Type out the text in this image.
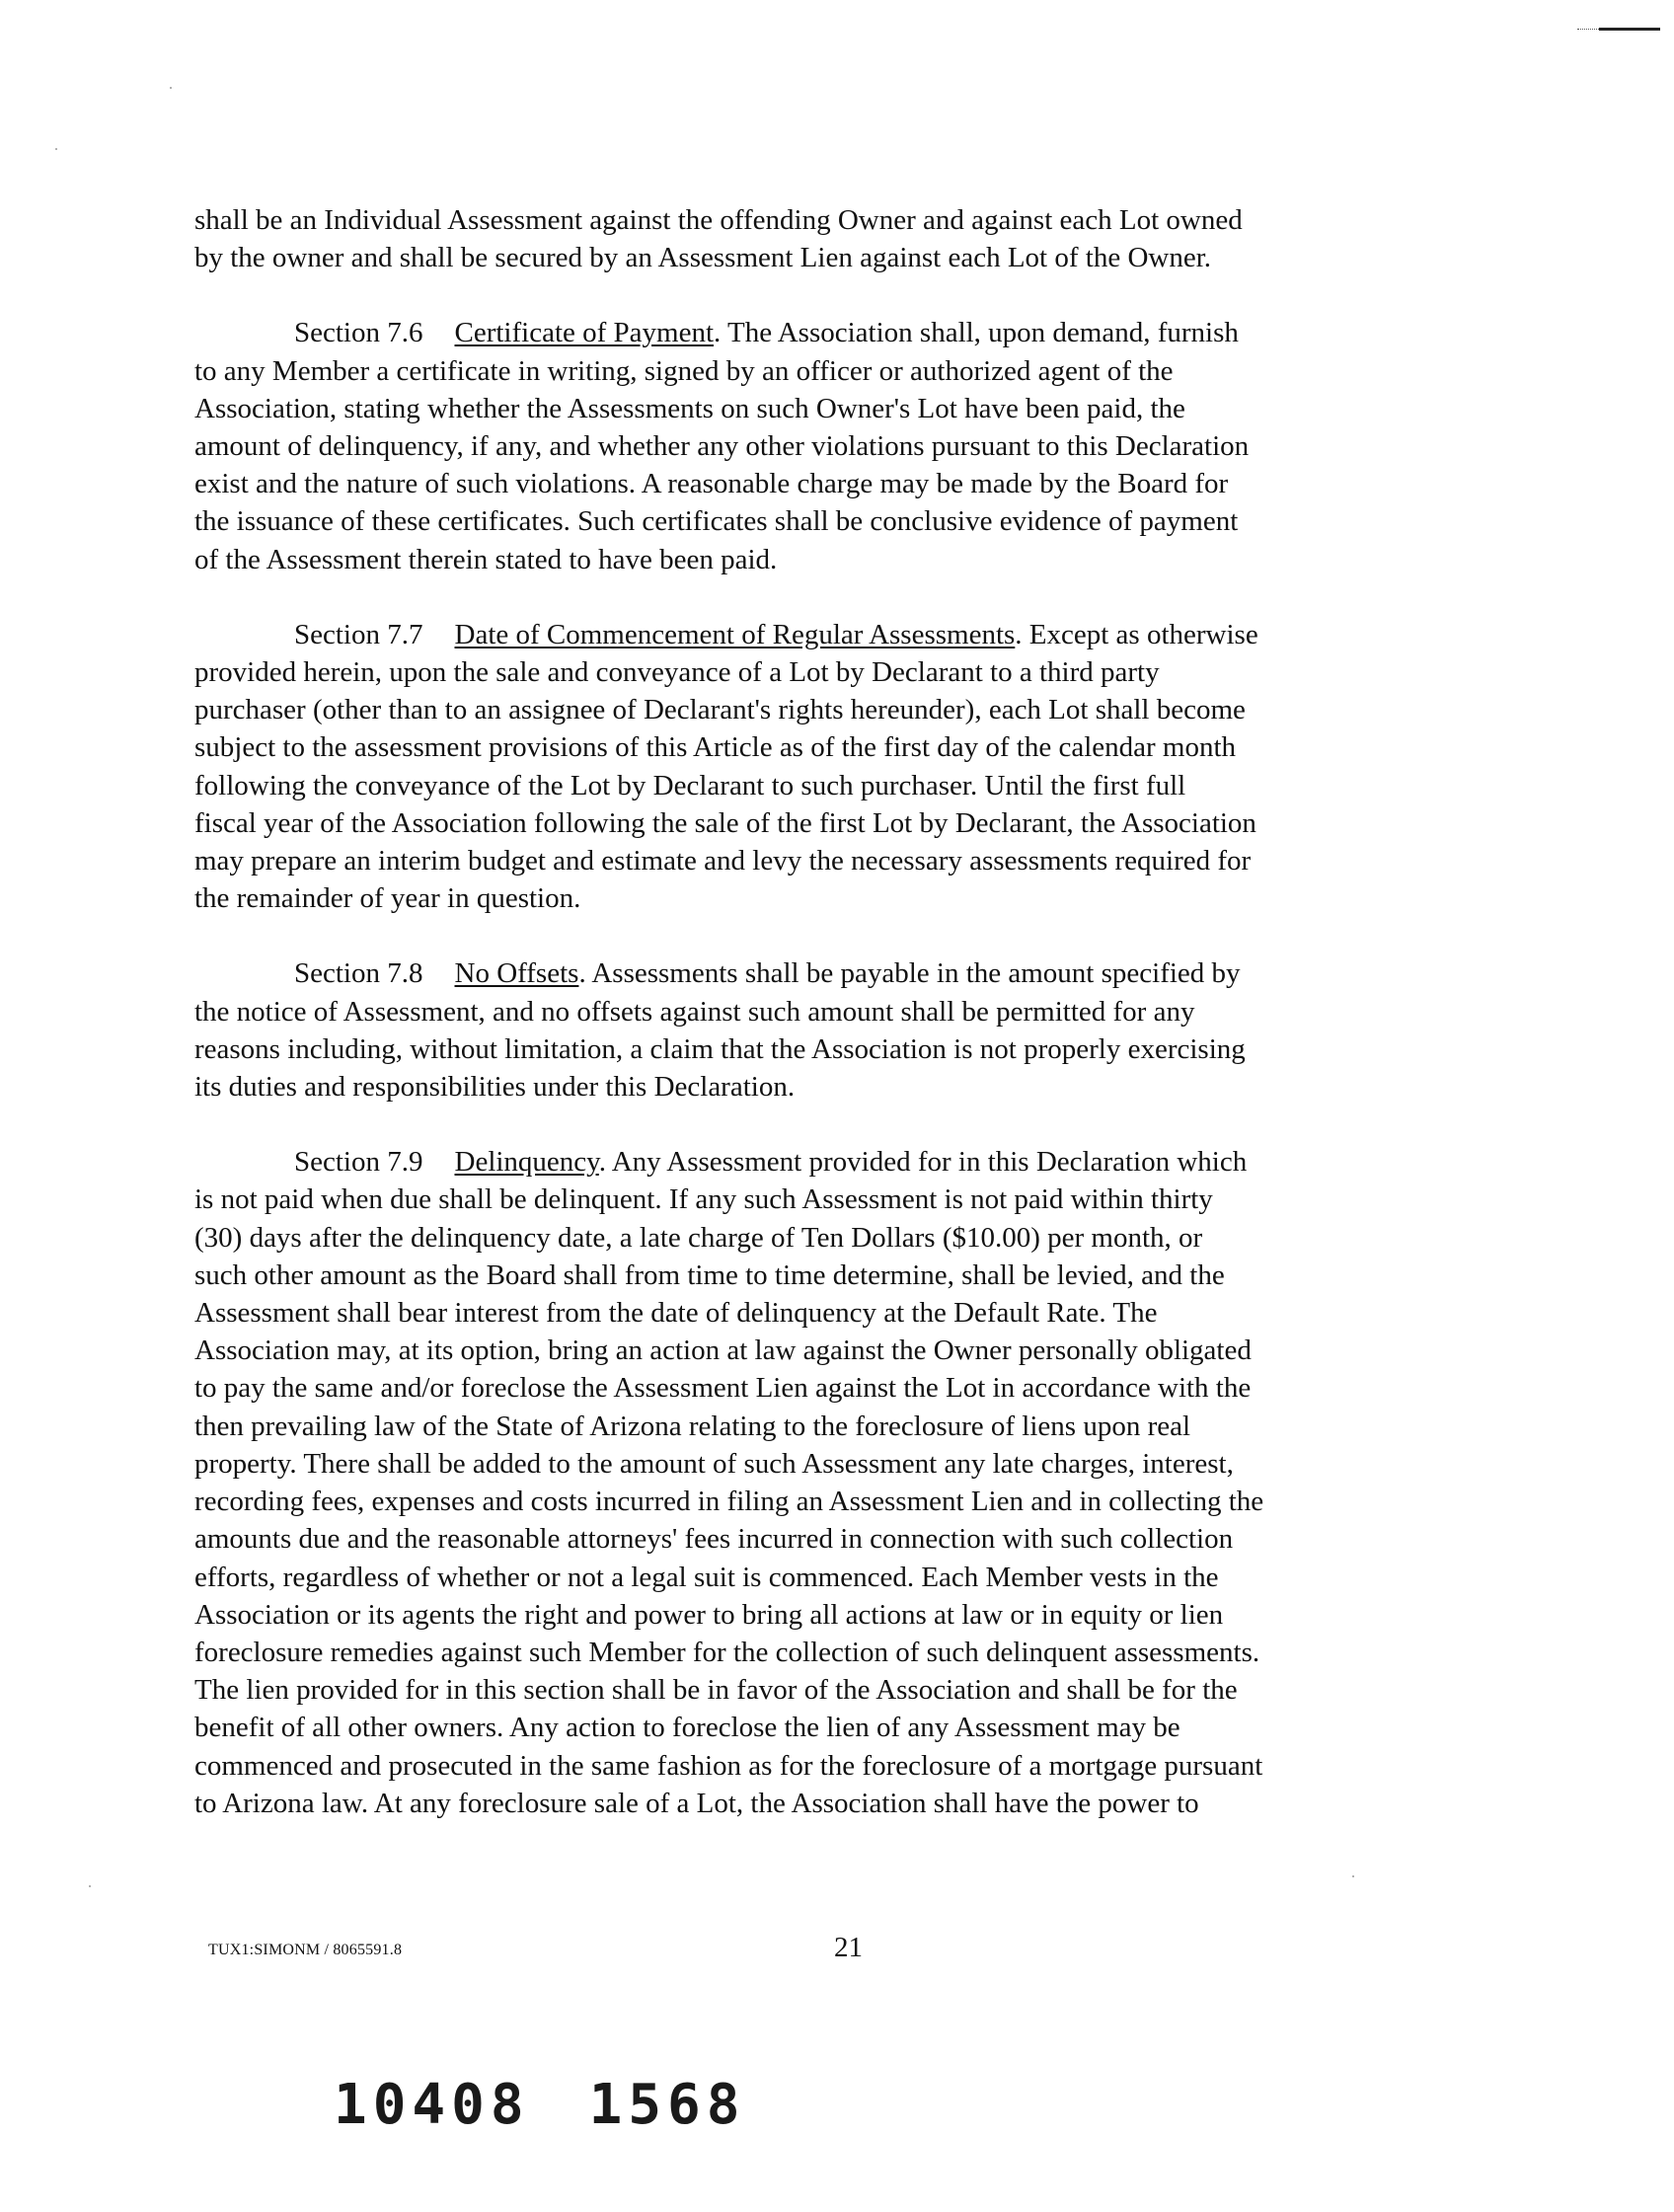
shall be an Individual Assessment against the offending Owner and against each Lot owned
by the owner and shall be secured by an Assessment Lien against each Lot of the Owner.
Section 7.6 Certificate of Payment. The Association shall, upon demand, furnish
to any Member a certificate in writing, signed by an officer or authorized agent of the
Association, stating whether the Assessments on such Owner's Lot have been paid, the
amount of delinquency, if any, and whether any other violations pursuant to this Declaration
exist and the nature of such violations. A reasonable charge may be made by the Board for
the issuance of these certificates. Such certificates shall be conclusive evidence of payment
of the Assessment therein stated to have been paid.
Section 7.7 Date of Commencement of Regular Assessments. Except as otherwise
provided herein, upon the sale and conveyance of a Lot by Declarant to a third party
purchaser (other than to an assignee of Declarant's rights hereunder), each Lot shall become
subject to the assessment provisions of this Article as of the first day of the calendar month
following the conveyance of the Lot by Declarant to such purchaser. Until the first full
fiscal year of the Association following the sale of the first Lot by Declarant, the Association
may prepare an interim budget and estimate and levy the necessary assessments required for
the remainder of year in question.
Section 7.8 No Offsets. Assessments shall be payable in the amount specified by
the notice of Assessment, and no offsets against such amount shall be permitted for any
reasons including, without limitation, a claim that the Association is not properly exercising
its duties and responsibilities under this Declaration.
Section 7.9 Delinquency. Any Assessment provided for in this Declaration which
is not paid when due shall be delinquent. If any such Assessment is not paid within thirty
(30) days after the delinquency date, a late charge of Ten Dollars ($10.00) per month, or
such other amount as the Board shall from time to time determine, shall be levied, and the
Assessment shall bear interest from the date of delinquency at the Default Rate. The
Association may, at its option, bring an action at law against the Owner personally obligated
to pay the same and/or foreclose the Assessment Lien against the Lot in accordance with the
then prevailing law of the State of Arizona relating to the foreclosure of liens upon real
property. There shall be added to the amount of such Assessment any late charges, interest,
recording fees, expenses and costs incurred in filing an Assessment Lien and in collecting the
amounts due and the reasonable attorneys' fees incurred in connection with such collection
efforts, regardless of whether or not a legal suit is commenced. Each Member vests in the
Association or its agents the right and power to bring all actions at law or in equity or lien
foreclosure remedies against such Member for the collection of such delinquent assessments.
The lien provided for in this section shall be in favor of the Association and shall be for the
benefit of all other owners. Any action to foreclose the lien of any Assessment may be
commenced and prosecuted in the same fashion as for the foreclosure of a mortgage pursuant
to Arizona law. At any foreclosure sale of a Lot, the Association shall have the power to
TUX1:SIMONM / 8065591.8	21
10408 1568
